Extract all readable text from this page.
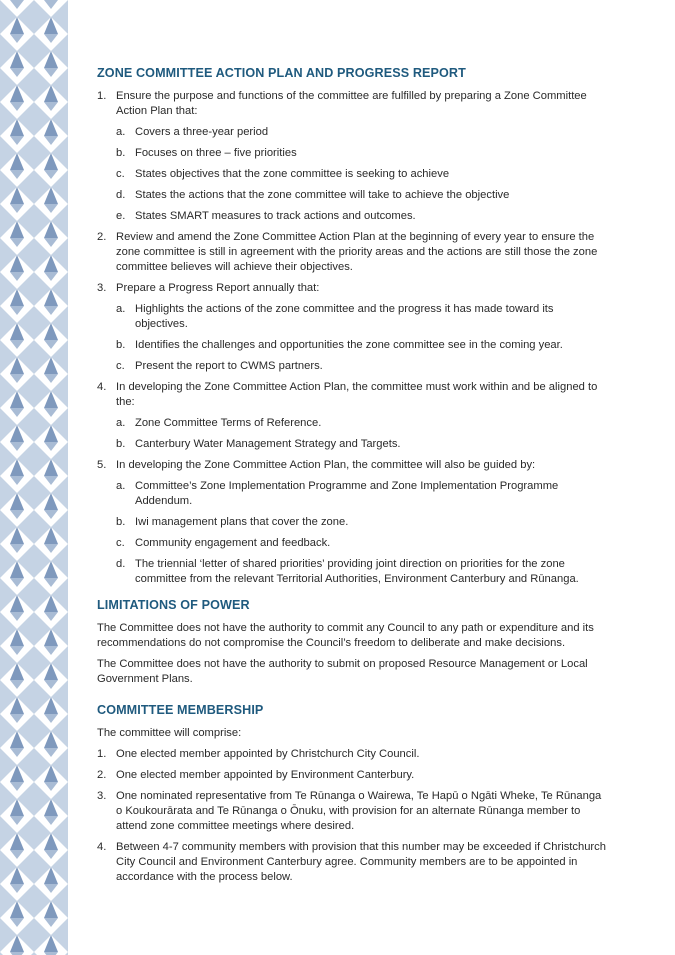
ZONE COMMITTEE ACTION PLAN AND PROGRESS REPORT
1. Ensure the purpose and functions of the committee are fulfilled by preparing a Zone Committee Action Plan that:
a. Covers a three-year period
b. Focuses on three – five priorities
c. States objectives that the zone committee is seeking to achieve
d. States the actions that the zone committee will take to achieve the objective
e. States SMART measures to track actions and outcomes.
2. Review and amend the Zone Committee Action Plan at the beginning of every year to ensure the zone committee is still in agreement with the priority areas and the actions are still those the zone committee believes will achieve their objectives.
3. Prepare a Progress Report annually that:
a. Highlights the actions of the zone committee and the progress it has made toward its objectives.
b. Identifies the challenges and opportunities the zone committee see in the coming year.
c. Present the report to CWMS partners.
4. In developing the Zone Committee Action Plan, the committee must work within and be aligned to the:
a. Zone Committee Terms of Reference.
b. Canterbury Water Management Strategy and Targets.
5. In developing the Zone Committee Action Plan, the committee will also be guided by:
a. Committee’s Zone Implementation Programme and Zone Implementation Programme Addendum.
b. Iwi management plans that cover the zone.
c. Community engagement and feedback.
d. The triennial ‘letter of shared priorities’ providing joint direction on priorities for the zone committee from the relevant Territorial Authorities, Environment Canterbury and Rūnanga.
LIMITATIONS OF POWER

The Committee does not have the authority to commit any Council to any path or expenditure and its recommendations do not compromise the Council’s freedom to deliberate and make decisions.

The Committee does not have the authority to submit on proposed Resource Management or Local Government Plans.

COMMITTEE MEMBERSHIP

The committee will comprise:

1. One elected member appointed by Christchurch City Council.
2. One elected member appointed by Environment Canterbury.
3. One nominated representative from Te Rūnanga o Wairewa, Te Hapū o Ngāti Wheke, Te Rūnanga o Koukourārata and Te Rūnanga o Ōnuku, with provision for an alternate Rūnanga member to attend zone committee meetings where desired.
4. Between 4-7 community members with provision that this number may be exceeded if Christchurch City Council and Environment Canterbury agree. Community members are to be appointed in accordance with the process below.
